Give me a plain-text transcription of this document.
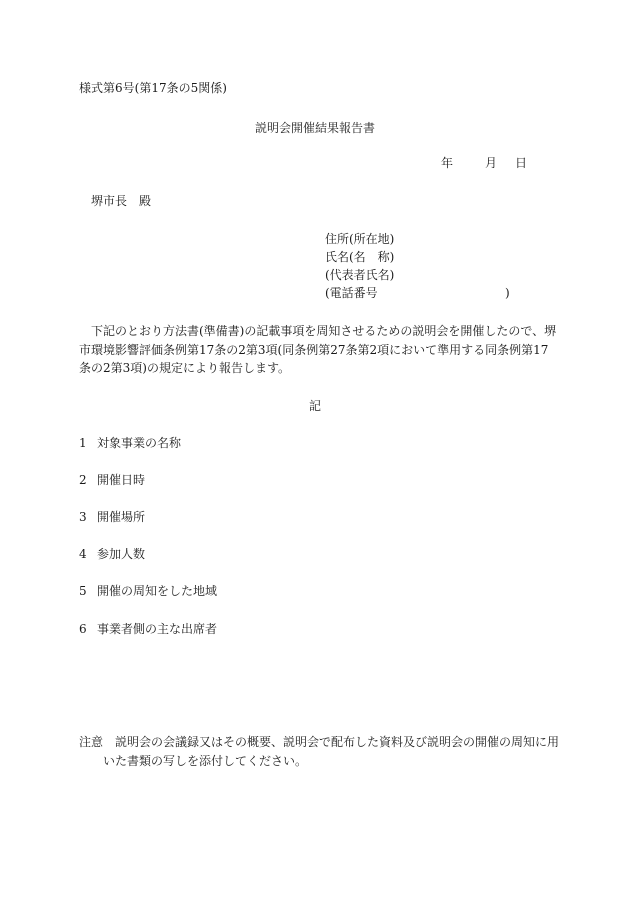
様式第6号(第17条の5関係)
説明会開催結果報告書
年	月 日
堺市長　殿
住所(所在地)
氏名(名　称)
(代表者氏名)
(電話番号	)
下記のとおり方法書(準備書)の記載事項を周知させるための説明会を開催したので、堺市環境影響評価条例第17条の2第3項(同条例第27条第2項において準用する同条例第17条の2第3項)の規定により報告します。
記
1 対象事業の名称
2 開催日時
3 開催場所
4 参加人数
5 開催の周知をした地域
6 事業者側の主な出席者
注意 説明会の会議録又はその概要、説明会で配布した資料及び説明会の開催の周知に用
いた書類の写しを添付してください。
